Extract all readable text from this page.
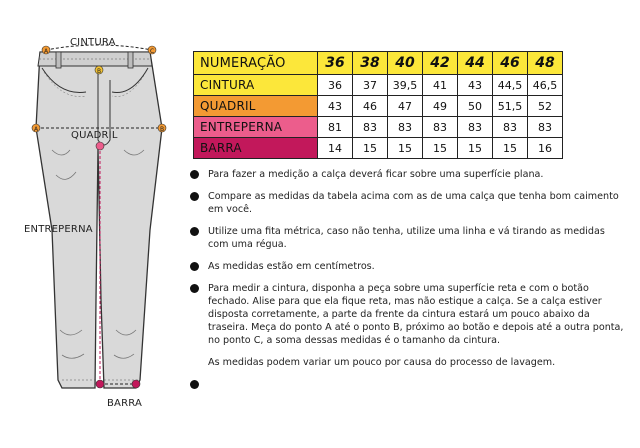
A
B
C
A	B
CINTURA
QUADRIL
ENTREPERNA
BARRA
NUMERAÇÃO	36	38	40	42	44	46	48
CINTURA	36	37	39,5	41	43	44,5	46,5
QUADRIL	43	46	47	49	50	51,5	52
ENTREPERNA	81	83	83	83	83	83	83
BARRA	14	15	15	15	15	15	16
Para fazer a medição a calça deverá ficar sobre uma superfície plana.
Compare as medidas da tabela acima com as de uma calça que tenha bom caimento em você.
Utilize uma fita métrica, caso não tenha, utilize uma linha e vá tirando as medidas com uma régua.
As medidas estão em centímetros.
Para medir a cintura, disponha a peça sobre uma superfície reta e com o botão fechado. Alise para que ela fique reta, mas não estique a calça. Se a calça estiver disposta corretamente, a parte da frente da cintura estará um pouco abaixo da traseira. Meça do ponto A até o ponto B, próximo ao botão e depois até a outra ponta, no ponto C, a soma dessas medidas é o tamanho da cintura.
As medidas podem variar um pouco por causa do processo de lavagem.
